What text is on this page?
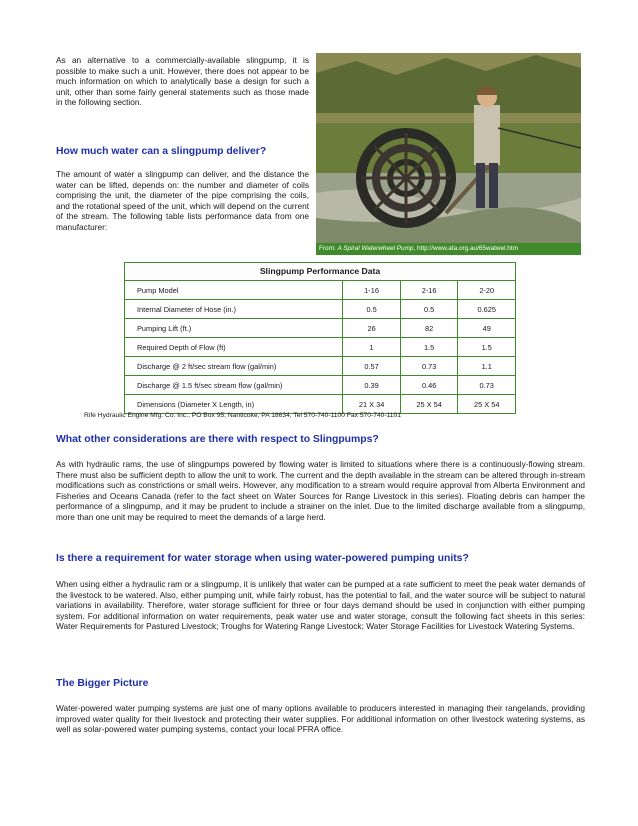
As an alternative to a commercially-available slingpump, it is possible to make such a unit. However, there does not appear to be much information on which to analytically base a design for such a unit, other than some fairly general statements such as those made in the following section.

How much water can a slingpump deliver?

The amount of water a slingpump can deliver, and the distance the water can be lifted, depends on: the number and diameter of coils comprising the unit, the diameter of the pipe comprising the coils, and the rotational speed of the unit, which will depend on the current of the stream. The following table lists performance data from one manufacturer:

From: A Spiral Waterwheel Pump, http://www.ata.org.au/65watwel.htm
Slingpump Performance Data
Pump Model	1-16	2-16	2-20
Internal Diameter of Hose (in.)	0.5	0.5	0.625
Pumping Lift (ft.)	26	82	49
Required Depth of Flow (ft)	1	1.5	1.5
Discharge @ 2 ft/sec stream flow (gal/min)	0.57	0.73	1.1
Discharge @ 1.5 ft/sec stream flow (gal/min)	0.39	0.46	0.73
Dimensions (Diameter X Length, in)	21 X 34	25 X 54	25 X 54
Rife Hydraulic Engine Mfg. Co. Inc., PO Box 95, Nanticoke, PA 18634, Tel 570-740-1100 Fax 570-740-1101
What other considerations are there with respect to Slingpumps?

As with hydraulic rams, the use of slingpumps powered by flowing water is limited to situations where there is a continuously-flowing stream. There must also be sufficient depth to allow the unit to work. The current and the depth available in the stream can be altered through in-stream modifications such as constrictions or small weirs. However, any modification to a stream would require approval from Alberta Environment and Fisheries and Oceans Canada (refer to the fact sheet on Water Sources for Range Livestock in this series). Floating debris can hamper the performance of a slingpump, and it may be prudent to include a strainer on the inlet. Due to the limited discharge available from a slingpump, more than one unit may be required to meet the demands of a large herd.

Is there a requirement for water storage when using water-powered pumping units?

When using either a hydraulic ram or a slingpump, it is unlikely that water can be pumped at a rate sufficient to meet the peak water demands of the livestock to be watered. Also, either pumping unit, while fairly robust, has the potential to fail, and the water source will be subject to natural variations in availability. Therefore, water storage sufficient for three or four days demand should be used in conjunction with either pumping system. For additional information on water requirements, peak water use and water storage, consult the following fact sheets in this series: Water Requirements for Pastured Livestock; Troughs for Watering Range Livestock; Water Storage Facilities for Livestock Watering Systems.

The Bigger Picture

Water-powered water pumping systems are just one of many options available to producers interested in managing their rangelands, providing improved water quality for their livestock and protecting their water supplies. For additional information on other livestock watering systems, as well as solar-powered water pumping systems, contact your local PFRA office.
